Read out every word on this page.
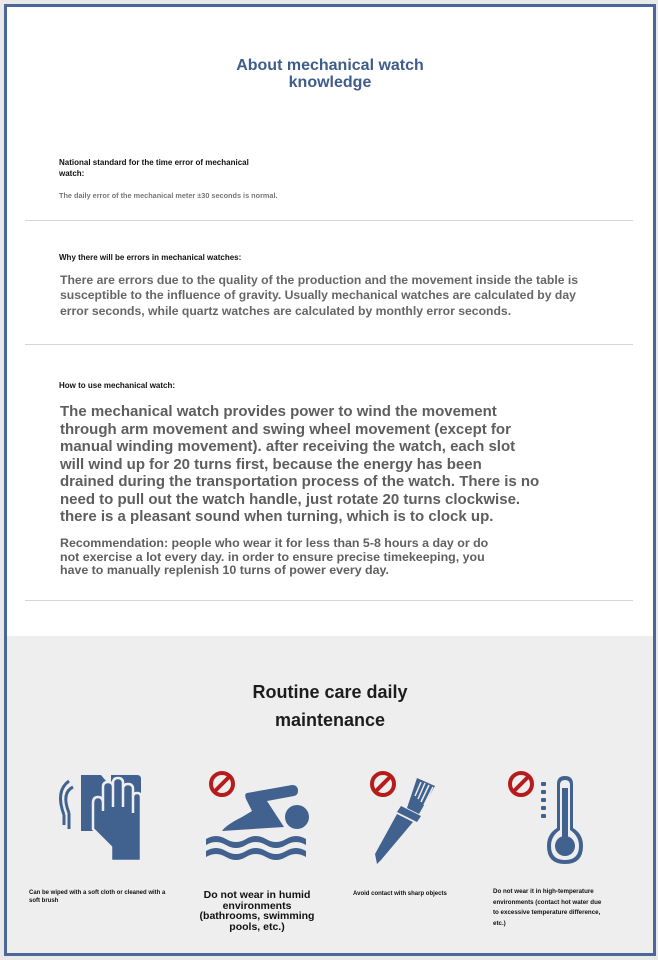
About mechanical watch
knowledge
National standard for the time error of mechanical
watch:
The daily error of the mechanical meter ±30 seconds is normal.
Why there will be errors in mechanical watches:
There are errors due to the quality of the production and the movement inside the table is
susceptible to the influence of gravity. Usually mechanical watches are calculated by day
error seconds, while quartz watches are calculated by monthly error seconds.
How to use mechanical watch:
The mechanical watch provides power to wind the movement
through arm movement and swing wheel movement (except for
manual winding movement). after receiving the watch, each slot
will wind up for 20 turns first, because the energy has been
drained during the transportation process of the watch. There is no
need to pull out the watch handle, just rotate 20 turns clockwise.
there is a pleasant sound when turning, which is to clock up.
Recommendation: people who wear it for less than 5-8 hours a day or do
not exercise a lot every day. in order to ensure precise timekeeping, you
have to manually replenish 10 turns of power every day.
Routine care daily
maintenance
Can be wiped with a soft cloth or cleaned with a
soft brush	Do not wear in humid
environments
(bathrooms, swimming
pools, etc.)
Avoid contact with sharp objects	Do not wear it in high-temperature
environments (contact hot water due
to excessive temperature difference,
etc.)
